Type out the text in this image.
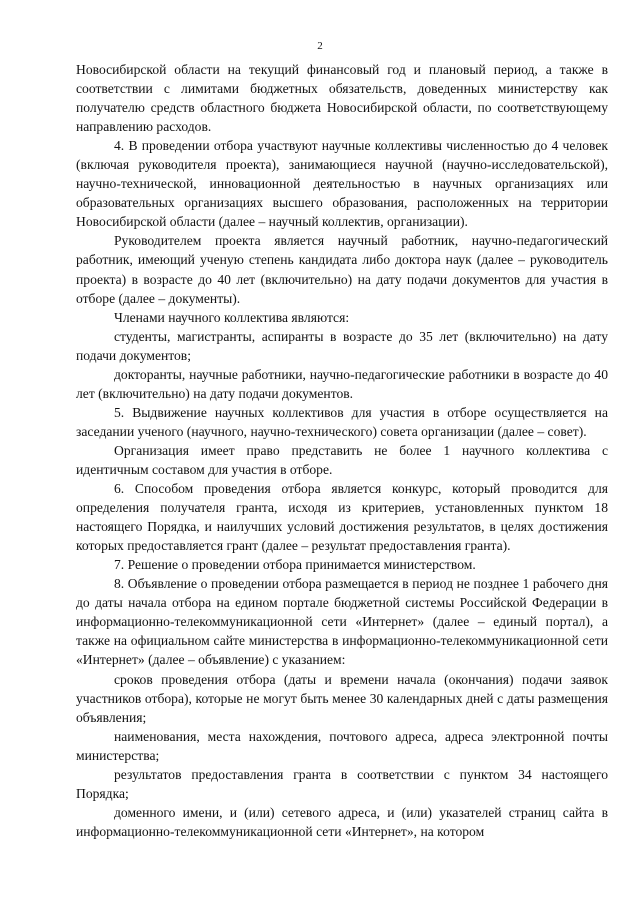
2

Новосибирской области на текущий финансовый год и плановый период, а также в соответствии с лимитами бюджетных обязательств, доведенных министерству как получателю средств областного бюджета Новосибирской области, по соответствующему направлению расходов.

4. В проведении отбора участвуют научные коллективы численностью до 4 человек (включая руководителя проекта), занимающиеся научной (научно-исследовательской), научно-технической, инновационной деятельностью в научных организациях или образовательных организациях высшего образования, расположенных на территории Новосибирской области (далее – научный коллектив, организации).

Руководителем проекта является научный работник, научно-педагогический работник, имеющий ученую степень кандидата либо доктора наук (далее – руководитель проекта) в возрасте до 40 лет (включительно) на дату подачи документов для участия в отборе (далее – документы).

Членами научного коллектива являются:

студенты, магистранты, аспиранты в возрасте до 35 лет (включительно) на дату подачи документов;

докторанты, научные работники, научно-педагогические работники в возрасте до 40 лет (включительно) на дату подачи документов.

5. Выдвижение научных коллективов для участия в отборе осуществляется на заседании ученого (научного, научно-технического) совета организации (далее – совет).

Организация имеет право представить не более 1 научного коллектива с идентичным составом для участия в отборе.

6. Способом проведения отбора является конкурс, который проводится для определения получателя гранта, исходя из критериев, установленных пунктом 18 настоящего Порядка, и наилучших условий достижения результатов, в целях достижения которых предоставляется грант (далее – результат предоставления гранта).

7. Решение о проведении отбора принимается министерством.

8. Объявление о проведении отбора размещается в период не позднее 1 рабочего дня до даты начала отбора на едином портале бюджетной системы Российской Федерации в информационно-телекоммуникационной сети «Интернет» (далее – единый портал), а также на официальном сайте министерства в информационно-телекоммуникационной сети «Интернет» (далее – объявление) с указанием:

сроков проведения отбора (даты и времени начала (окончания) подачи заявок участников отбора), которые не могут быть менее 30 календарных дней с даты размещения объявления;

наименования, места нахождения, почтового адреса, адреса электронной почты министерства;

результатов предоставления гранта в соответствии с пунктом 34 настоящего Порядка;

доменного имени, и (или) сетевого адреса, и (или) указателей страниц сайта в информационно-телекоммуникационной сети «Интернет», на котором
